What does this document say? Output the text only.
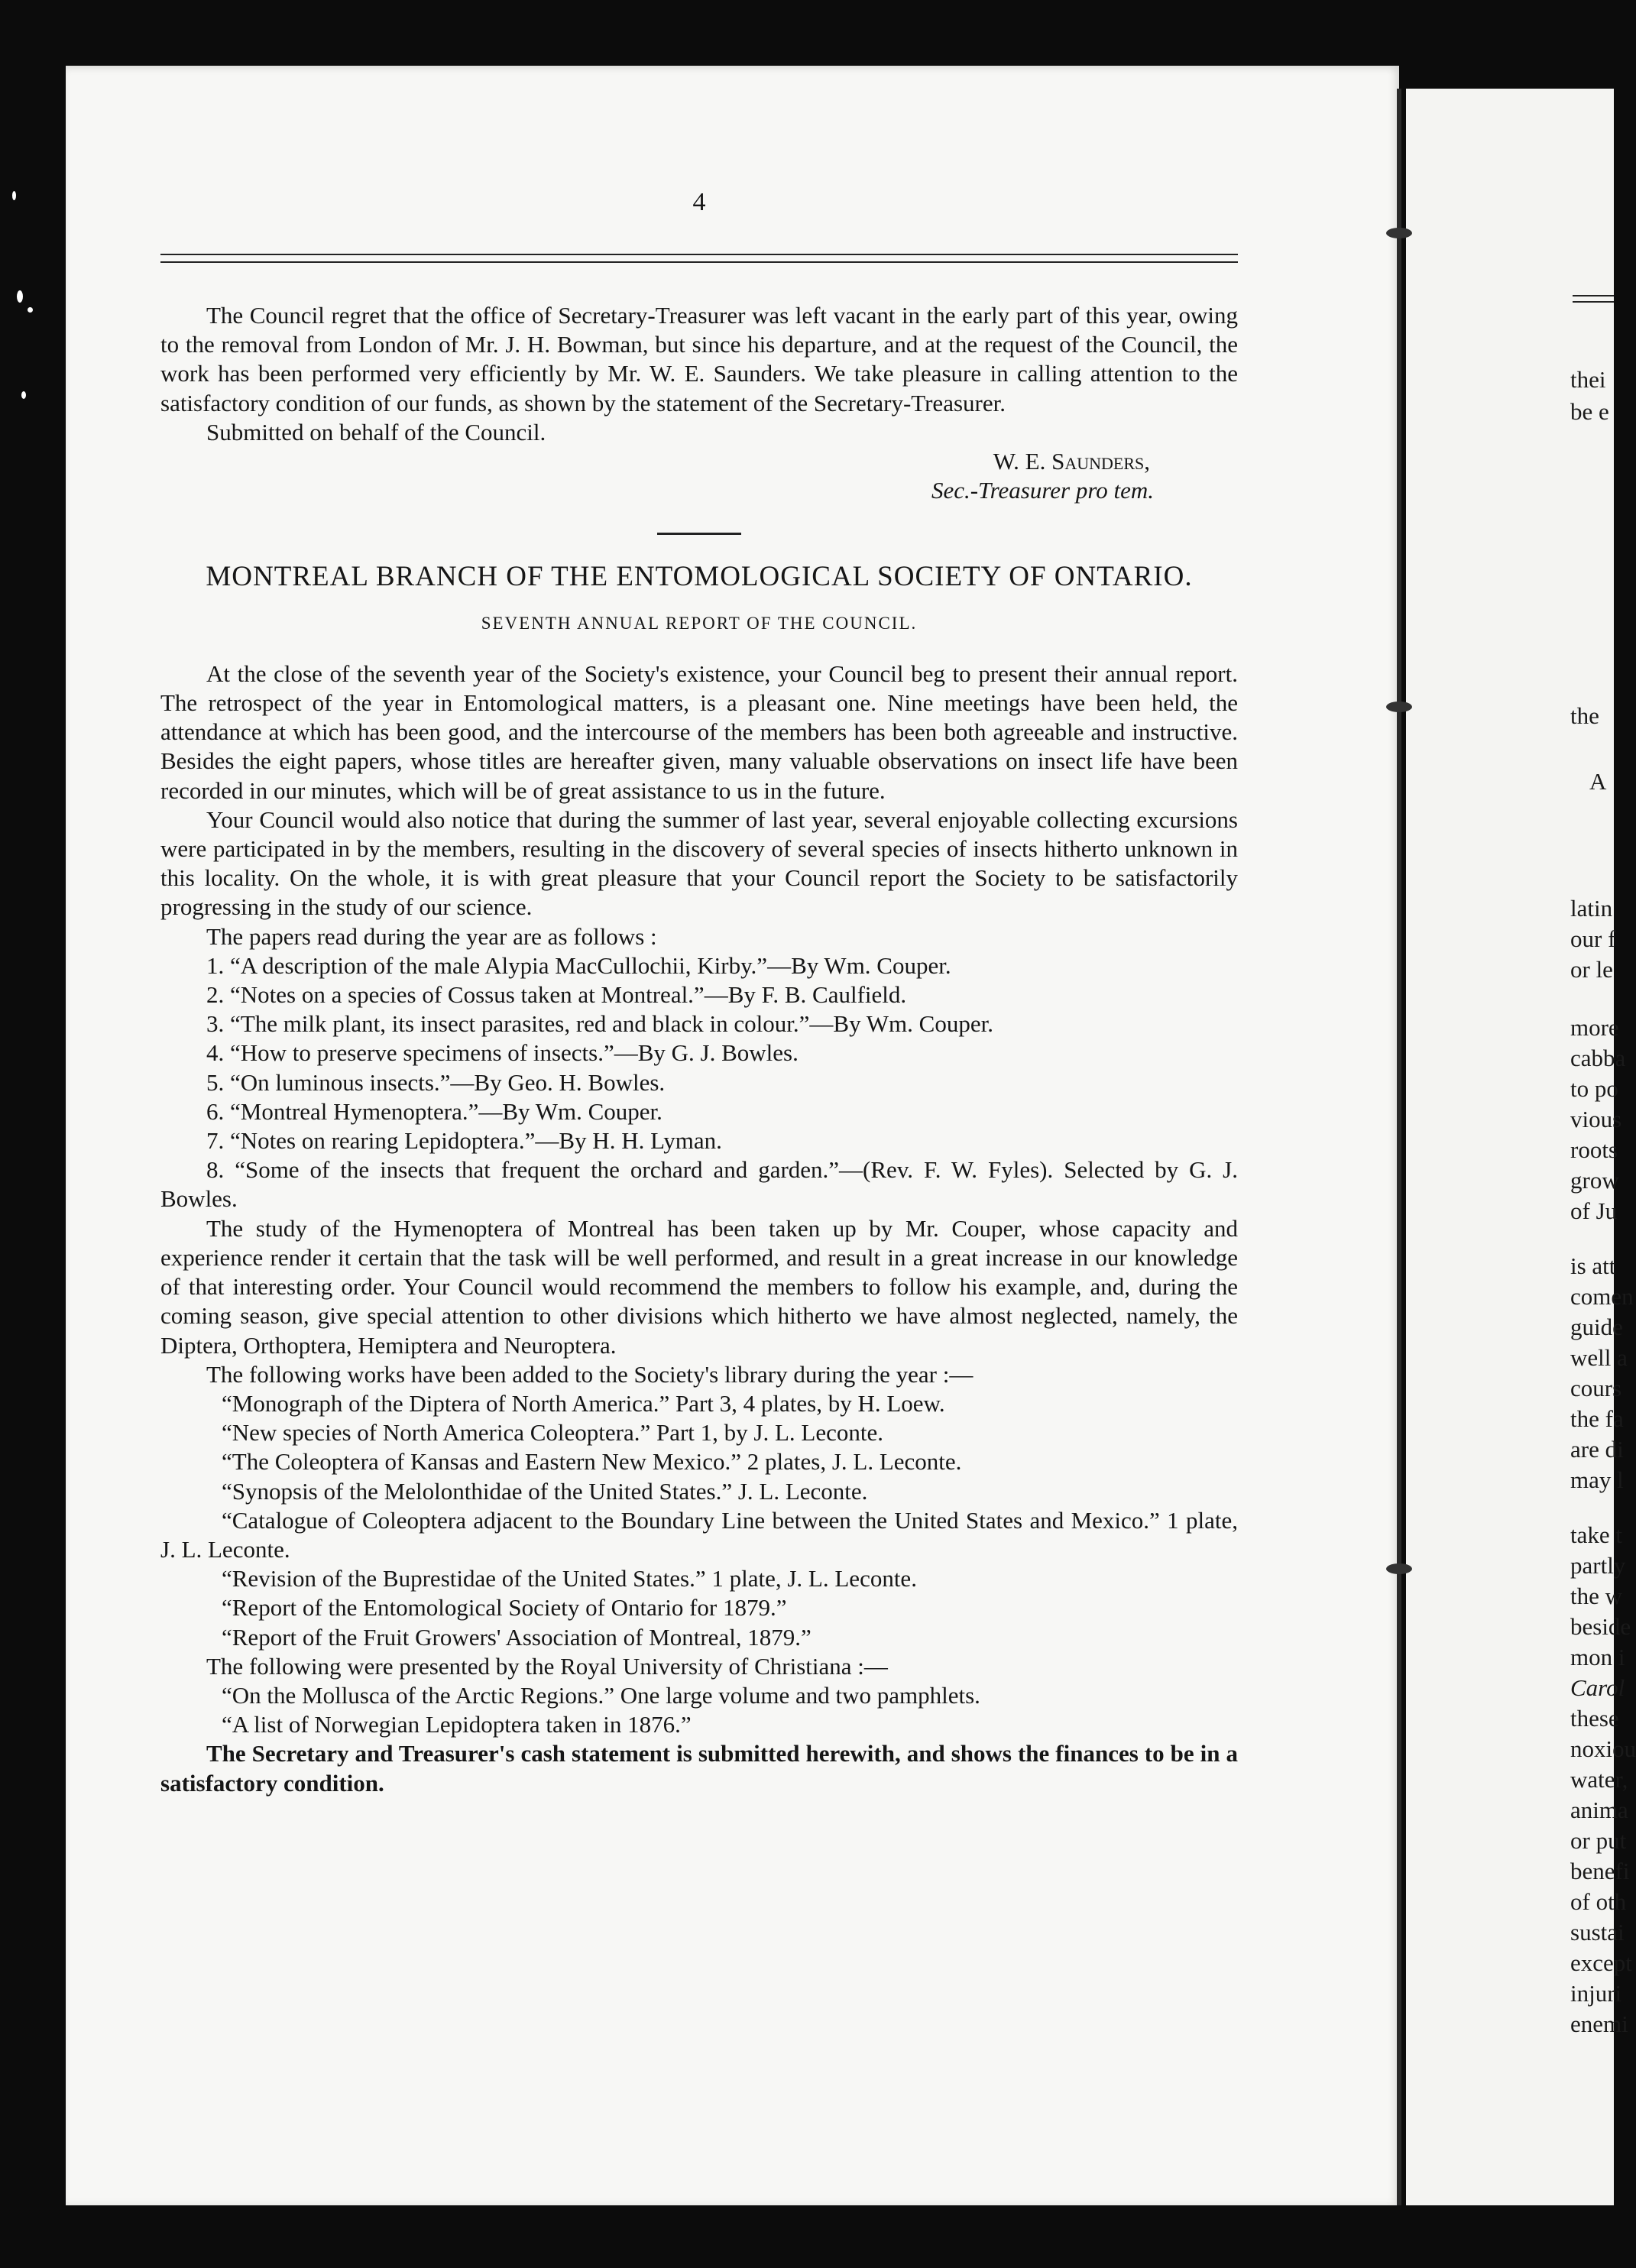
4

The Council regret that the office of Secretary-Treasurer was left vacant in the early part of this year, owing to the removal from London of Mr. J. H. Bowman, but since his departure, and at the request of the Council, the work has been performed very efficiently by Mr. W. E. Saunders. We take pleasure in calling attention to the satisfactory condition of our funds, as shown by the statement of the Secretary-Treasurer.

Submitted on behalf of the Council.

W. E. Saunders,

Sec.-Treasurer pro tem.

MONTREAL BRANCH OF THE ENTOMOLOGICAL SOCIETY OF ONTARIO.

SEVENTH ANNUAL REPORT OF THE COUNCIL.

At the close of the seventh year of the Society's existence, your Council beg to present their annual report. The retrospect of the year in Entomological matters, is a pleasant one. Nine meetings have been held, the attendance at which has been good, and the intercourse of the members has been both agreeable and instructive. Besides the eight papers, whose titles are hereafter given, many valuable observations on insect life have been recorded in our minutes, which will be of great assistance to us in the future.

Your Council would also notice that during the summer of last year, several enjoyable collecting excursions were participated in by the members, resulting in the discovery of several species of insects hitherto unknown in this locality. On the whole, it is with great pleasure that your Council report the Society to be satisfactorily progressing in the study of our science.

The papers read during the year are as follows :

1. “A description of the male Alypia MacCullochii, Kirby.”—By Wm. Couper.

2. “Notes on a species of Cossus taken at Montreal.”—By F. B. Caulfield.

3. “The milk plant, its insect parasites, red and black in colour.”—By Wm. Couper.

4. “How to preserve specimens of insects.”—By G. J. Bowles.

5. “On luminous insects.”—By Geo. H. Bowles.

6. “Montreal Hymenoptera.”—By Wm. Couper.

7. “Notes on rearing Lepidoptera.”—By H. H. Lyman.

8. “Some of the insects that frequent the orchard and garden.”—(Rev. F. W. Fyles). Selected by G. J. Bowles.

The study of the Hymenoptera of Montreal has been taken up by Mr. Couper, whose capacity and experience render it certain that the task will be well performed, and result in a great increase in our knowledge of that interesting order. Your Council would recommend the members to follow his example, and, during the coming season, give special attention to other divisions which hitherto we have almost neglected, namely, the Diptera, Orthoptera, Hemiptera and Neuroptera.

The following works have been added to the Society's library during the year :—

“Monograph of the Diptera of North America.” Part 3, 4 plates, by H. Loew.

“New species of North America Coleoptera.” Part 1, by J. L. Leconte.

“The Coleoptera of Kansas and Eastern New Mexico.” 2 plates, J. L. Leconte.

“Synopsis of the Melolonthidae of the United States.” J. L. Leconte.

“Catalogue of Coleoptera adjacent to the Boundary Line between the United States and Mexico.” 1 plate, J. L. Leconte.

“Revision of the Buprestidae of the United States.” 1 plate, J. L. Leconte.

“Report of the Entomological Society of Ontario for 1879.”

“Report of the Fruit Growers' Association of Montreal, 1879.”

The following were presented by the Royal University of Christiana :—

“On the Mollusca of the Arctic Regions.” One large volume and two pamphlets.

“A list of Norwegian Lepidoptera taken in 1876.”

The Secretary and Treasurer's cash statement is submitted herewith, and shows the finances to be in a satisfactory condition.

thei
be e
the
A
latin
our f
or le
more
cabba
to po
vious
roots
grow
of Ju
is att
comen
guide
well a
cours
the fa
are di
may l
take t
partly
the w
beside
mon i
Carol
these
noxiou
water,
anima
or put
benefi
of oth
sustai
except
injuri
enemi
